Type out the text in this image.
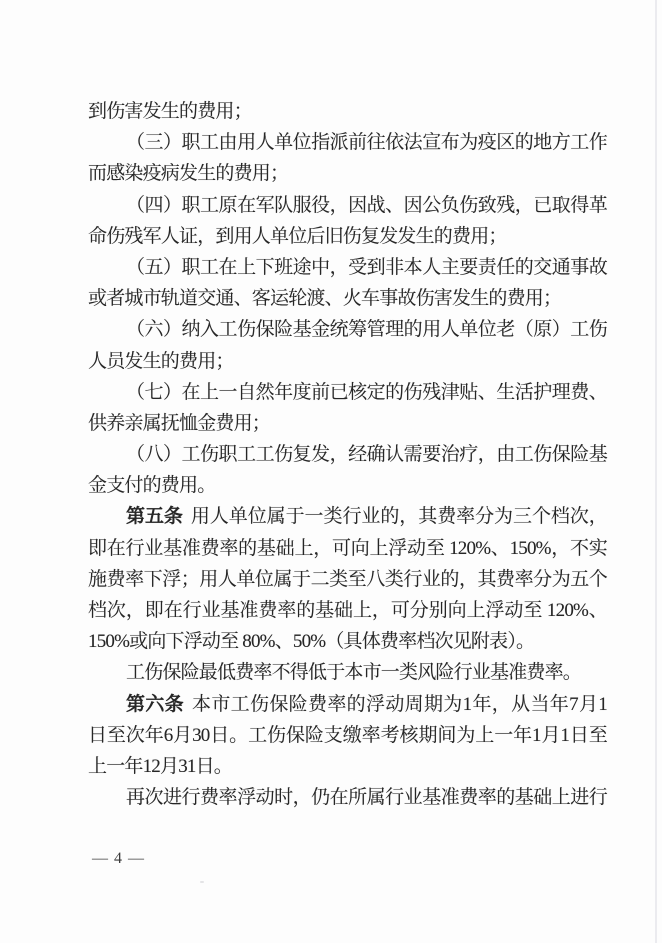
到伤害发生的费用；

（三）职工由用人单位指派前往依法宣布为疫区的地方工作

而感染疫病发生的费用；

（四）职工原在军队服役，因战、因公负伤致残，已取得革

命伤残军人证，到用人单位后旧伤复发发生的费用；

（五）职工在上下班途中，受到非本人主要责任的交通事故

或者城市轨道交通、客运轮渡、火车事故伤害发生的费用；

（六）纳入工伤保险基金统筹管理的用人单位老（原）工伤

人员发生的费用；

（七）在上一自然年度前已核定的伤残津贴、生活护理费、

供养亲属抚恤金费用；

（八）工伤职工工伤复发，经确认需要治疗，由工伤保险基

金支付的费用。

第五条 用人单位属于一类行业的，其费率分为三个档次，

即在行业基准费率的基础上，可向上浮动至 120%、150%，不实

施费率下浮；用人单位属于二类至八类行业的，其费率分为五个

档次，即在行业基准费率的基础上，可分别向上浮动至 120%、

150%或向下浮动至 80%、50%（具体费率档次见附表）。

工伤保险最低费率不得低于本市一类风险行业基准费率。

第六条 本市工伤保险费率的浮动周期为1年，从当年7月1

日至次年6月30日。工伤保险支缴率考核期间为上一年1月1日至

上一年12月31日。

再次进行费率浮动时，仍在所属行业基准费率的基础上进行

— 4 —
